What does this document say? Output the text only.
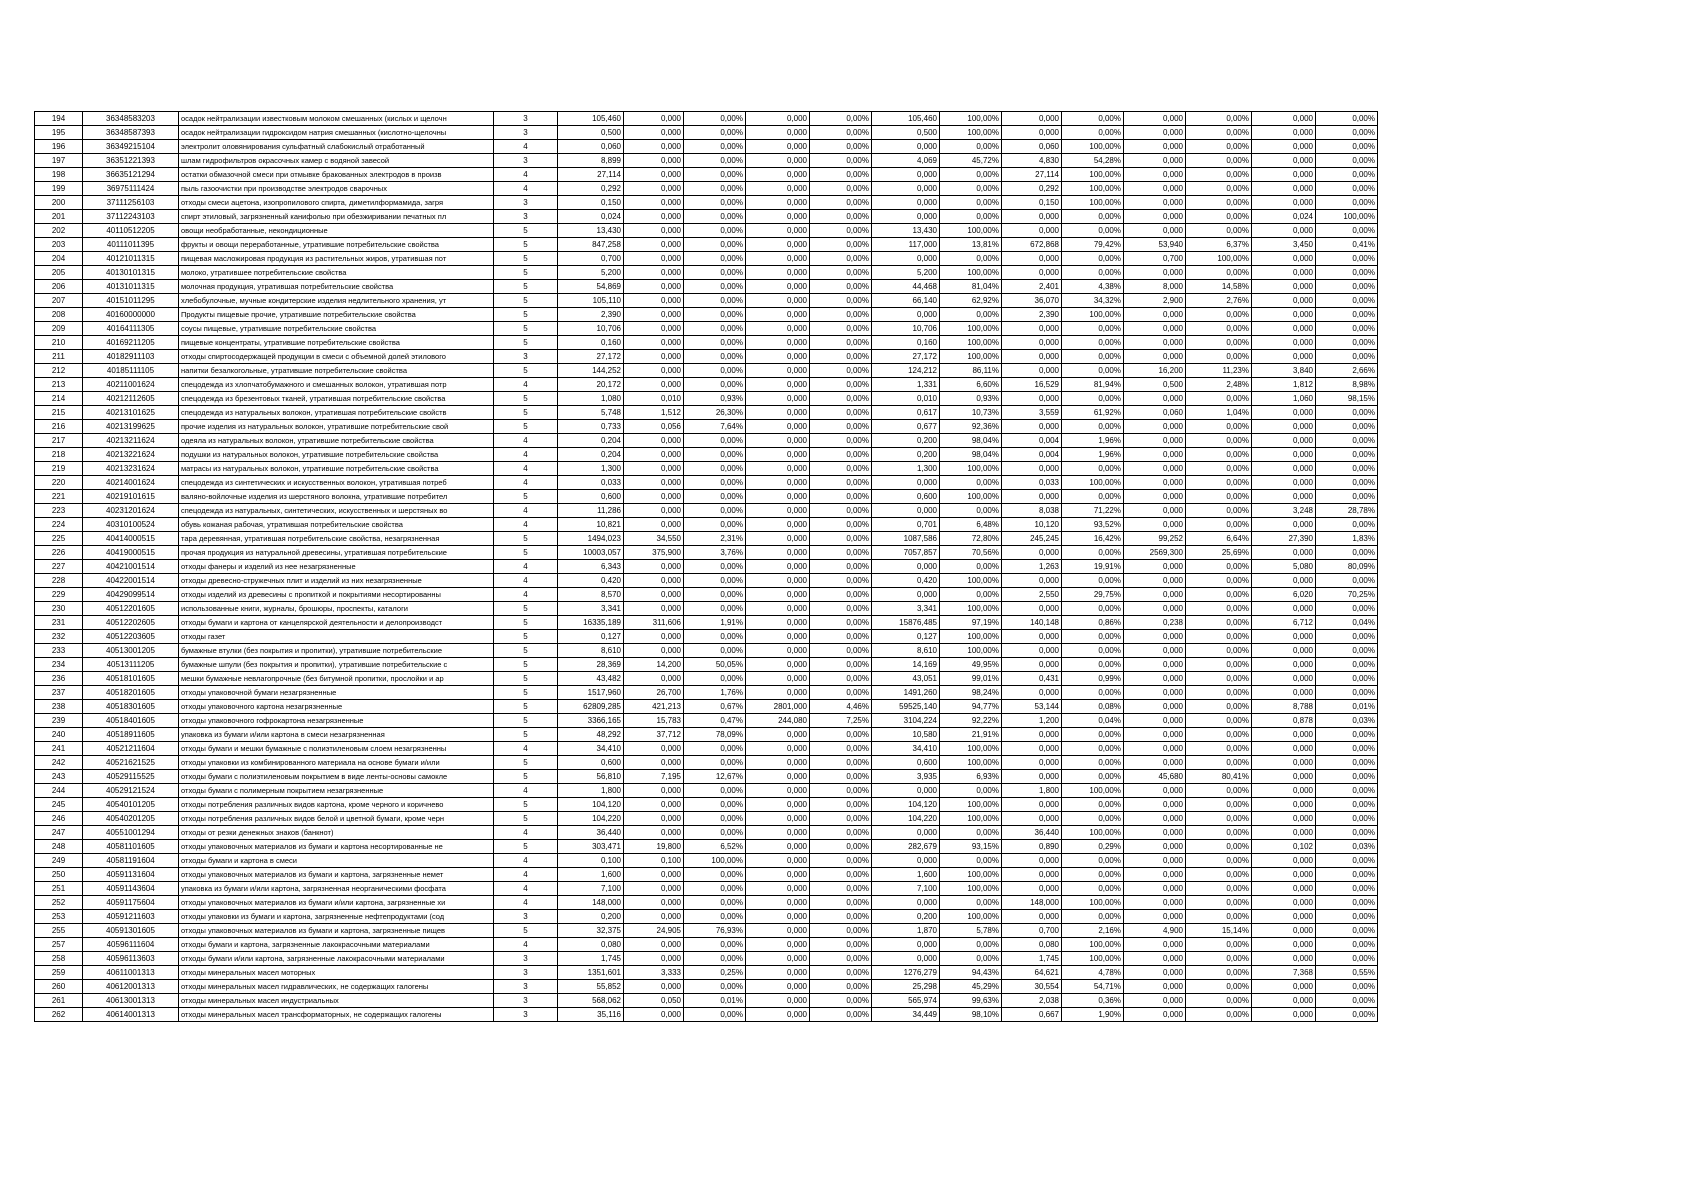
194	36348583203	осадок нейтрализации известковым молоком смешанных (кислых и щелочн	3	105,460	0,000	0,00%	0,000	0,00%	105,460	100,00%	0,000	0,00%	0,000	0,00%	0,000	0,00%
195	36348587393	осадок нейтрализации гидроксидом натрия смешанных (кислотно-щелочны	3	0,500	0,000	0,00%	0,000	0,00%	0,500	100,00%	0,000	0,00%	0,000	0,00%	0,000	0,00%
196	36349215104	электролит оловянирования сульфатный слабокислый отработанный	4	0,060	0,000	0,00%	0,000	0,00%	0,000	0,00%	0,060	100,00%	0,000	0,00%	0,000	0,00%
197	36351221393	шлам гидрофильтров окрасочных камер с водяной завесой	3	8,899	0,000	0,00%	0,000	0,00%	4,069	45,72%	4,830	54,28%	0,000	0,00%	0,000	0,00%
198	36635121294	остатки обмазочной смеси при отмывке бракованных электродов в произв	4	27,114	0,000	0,00%	0,000	0,00%	0,000	0,00%	27,114	100,00%	0,000	0,00%	0,000	0,00%
199	36975111424	пыль газоочистки при производстве электродов сварочных	4	0,292	0,000	0,00%	0,000	0,00%	0,000	0,00%	0,292	100,00%	0,000	0,00%	0,000	0,00%
200	37111256103	отходы смеси ацетона, изопропилового спирта, диметилформамида, загря	3	0,150	0,000	0,00%	0,000	0,00%	0,000	0,00%	0,150	100,00%	0,000	0,00%	0,000	0,00%
201	37112243103	спирт этиловый, загрязненный канифолью при обезжиривании печатных пл	3	0,024	0,000	0,00%	0,000	0,00%	0,000	0,00%	0,000	0,00%	0,000	0,00%	0,024	100,00%
202	40110512205	овощи необработанные, некондиционные	5	13,430	0,000	0,00%	0,000	0,00%	13,430	100,00%	0,000	0,00%	0,000	0,00%	0,000	0,00%
203	40111011395	фрукты и овощи переработанные, утратившие потребительские свойства	5	847,258	0,000	0,00%	0,000	0,00%	117,000	13,81%	672,868	79,42%	53,940	6,37%	3,450	0,41%
204	40121011315	пищевая масложировая продукция из растительных жиров, утратившая пот	5	0,700	0,000	0,00%	0,000	0,00%	0,000	0,00%	0,000	0,00%	0,700	100,00%	0,000	0,00%
205	40130101315	молоко, утратившее потребительские свойства	5	5,200	0,000	0,00%	0,000	0,00%	5,200	100,00%	0,000	0,00%	0,000	0,00%	0,000	0,00%
206	40131011315	молочная продукция, утратившая потребительские свойства	5	54,869	0,000	0,00%	0,000	0,00%	44,468	81,04%	2,401	4,38%	8,000	14,58%	0,000	0,00%
207	40151011295	хлебобулочные, мучные кондитерские изделия недлительного хранения, ут	5	105,110	0,000	0,00%	0,000	0,00%	66,140	62,92%	36,070	34,32%	2,900	2,76%	0,000	0,00%
208	40160000000	Продукты пищевые прочие, утратившие потребительские свойства	5	2,390	0,000	0,00%	0,000	0,00%	0,000	0,00%	2,390	100,00%	0,000	0,00%	0,000	0,00%
209	40164111305	соусы пищевые, утратившие потребительские свойства	5	10,706	0,000	0,00%	0,000	0,00%	10,706	100,00%	0,000	0,00%	0,000	0,00%	0,000	0,00%
210	40169211205	пищевые концентраты, утратившие потребительские свойства	5	0,160	0,000	0,00%	0,000	0,00%	0,160	100,00%	0,000	0,00%	0,000	0,00%	0,000	0,00%
211	40182911103	отходы спиртосодержащей продукции в смеси с объемной долей этилового	3	27,172	0,000	0,00%	0,000	0,00%	27,172	100,00%	0,000	0,00%	0,000	0,00%	0,000	0,00%
212	40185111105	напитки безалкогольные, утратившие потребительские свойства	5	144,252	0,000	0,00%	0,000	0,00%	124,212	86,11%	0,000	0,00%	16,200	11,23%	3,840	2,66%
213	40211001624	спецодежда из хлопчатобумажного и смешанных волокон, утратившая потр	4	20,172	0,000	0,00%	0,000	0,00%	1,331	6,60%	16,529	81,94%	0,500	2,48%	1,812	8,98%
214	40212112605	спецодежда из брезентовых тканей, утратившая потребительские свойства	5	1,080	0,010	0,93%	0,000	0,00%	0,010	0,93%	0,000	0,00%	0,000	0,00%	1,060	98,15%
215	40213101625	спецодежда из натуральных волокон, утратившая потребительские свойств	5	5,748	1,512	26,30%	0,000	0,00%	0,617	10,73%	3,559	61,92%	0,060	1,04%	0,000	0,00%
216	40213199625	прочие изделия из натуральных волокон, утратившие потребительские свой	5	0,733	0,056	7,64%	0,000	0,00%	0,677	92,36%	0,000	0,00%	0,000	0,00%	0,000	0,00%
217	40213211624	одеяла из натуральных волокон, утратившие потребительские свойства	4	0,204	0,000	0,00%	0,000	0,00%	0,200	98,04%	0,004	1,96%	0,000	0,00%	0,000	0,00%
218	40213221624	подушки из натуральных волокон, утратившие потребительские свойства	4	0,204	0,000	0,00%	0,000	0,00%	0,200	98,04%	0,004	1,96%	0,000	0,00%	0,000	0,00%
219	40213231624	матрасы из натуральных волокон, утратившие потребительские свойства	4	1,300	0,000	0,00%	0,000	0,00%	1,300	100,00%	0,000	0,00%	0,000	0,00%	0,000	0,00%
220	40214001624	спецодежда из синтетических и искусственных волокон, утратившая потреб	4	0,033	0,000	0,00%	0,000	0,00%	0,000	0,00%	0,033	100,00%	0,000	0,00%	0,000	0,00%
221	40219101615	валяно-войлочные изделия из шерстяного волокна, утратившие потребител	5	0,600	0,000	0,00%	0,000	0,00%	0,600	100,00%	0,000	0,00%	0,000	0,00%	0,000	0,00%
223	40231201624	спецодежда из натуральных, синтетических, искусственных и шерстяных во	4	11,286	0,000	0,00%	0,000	0,00%	0,000	0,00%	8,038	71,22%	0,000	0,00%	3,248	28,78%
224	40310100524	обувь кожаная рабочая, утратившая потребительские свойства	4	10,821	0,000	0,00%	0,000	0,00%	0,701	6,48%	10,120	93,52%	0,000	0,00%	0,000	0,00%
225	40414000515	тара деревянная, утратившая потребительские свойства, незагрязненная	5	1494,023	34,550	2,31%	0,000	0,00%	1087,586	72,80%	245,245	16,42%	99,252	6,64%	27,390	1,83%
226	40419000515	прочая продукция из натуральной древесины, утратившая потребительские	5	10003,057	375,900	3,76%	0,000	0,00%	7057,857	70,56%	0,000	0,00%	2569,300	25,69%	0,000	0,00%
227	40421001514	отходы фанеры и изделий из нее незагрязненные	4	6,343	0,000	0,00%	0,000	0,00%	0,000	0,00%	1,263	19,91%	0,000	0,00%	5,080	80,09%
228	40422001514	отходы древесно-стружечных плит и изделий из них незагрязненные	4	0,420	0,000	0,00%	0,000	0,00%	0,420	100,00%	0,000	0,00%	0,000	0,00%	0,000	0,00%
229	40429099514	отходы изделий из древесины с пропиткой и покрытиями несортированны	4	8,570	0,000	0,00%	0,000	0,00%	0,000	0,00%	2,550	29,75%	0,000	0,00%	6,020	70,25%
230	40512201605	использованные книги, журналы, брошюры, проспекты, каталоги	5	3,341	0,000	0,00%	0,000	0,00%	3,341	100,00%	0,000	0,00%	0,000	0,00%	0,000	0,00%
231	40512202605	отходы бумаги и картона от канцелярской деятельности и делопроизводст	5	16335,189	311,606	1,91%	0,000	0,00%	15876,485	97,19%	140,148	0,86%	0,238	0,00%	6,712	0,04%
232	40512203605	отходы газет	5	0,127	0,000	0,00%	0,000	0,00%	0,127	100,00%	0,000	0,00%	0,000	0,00%	0,000	0,00%
233	40513001205	бумажные втулки (без покрытия и пропитки), утратившие потребительские	5	8,610	0,000	0,00%	0,000	0,00%	8,610	100,00%	0,000	0,00%	0,000	0,00%	0,000	0,00%
234	40513111205	бумажные шпули (без покрытия и пропитки), утратившие потребительские с	5	28,369	14,200	50,05%	0,000	0,00%	14,169	49,95%	0,000	0,00%	0,000	0,00%	0,000	0,00%
236	40518101605	мешки бумажные невлагопрочные (без битумной пропитки, прослойки и ар	5	43,482	0,000	0,00%	0,000	0,00%	43,051	99,01%	0,431	0,99%	0,000	0,00%	0,000	0,00%
237	40518201605	отходы упаковочной бумаги незагрязненные	5	1517,960	26,700	1,76%	0,000	0,00%	1491,260	98,24%	0,000	0,00%	0,000	0,00%	0,000	0,00%
238	40518301605	отходы упаковочного картона незагрязненные	5	62809,285	421,213	0,67%	2801,000	4,46%	59525,140	94,77%	53,144	0,08%	0,000	0,00%	8,788	0,01%
239	40518401605	отходы упаковочного гофрокартона незагрязненные	5	3366,165	15,783	0,47%	244,080	7,25%	3104,224	92,22%	1,200	0,04%	0,000	0,00%	0,878	0,03%
240	40518911605	упаковка из бумаги и/или картона в смеси незагрязненная	5	48,292	37,712	78,09%	0,000	0,00%	10,580	21,91%	0,000	0,00%	0,000	0,00%	0,000	0,00%
241	40521211604	отходы бумаги и мешки бумажные с полиэтиленовым слоем незагрязненны	4	34,410	0,000	0,00%	0,000	0,00%	34,410	100,00%	0,000	0,00%	0,000	0,00%	0,000	0,00%
242	40521621525	отходы упаковки из комбинированного материала на основе бумаги и/или	5	0,600	0,000	0,00%	0,000	0,00%	0,600	100,00%	0,000	0,00%	0,000	0,00%	0,000	0,00%
243	40529115525	отходы бумаги с полиэтиленовым покрытием в виде ленты-основы самокле	5	56,810	7,195	12,67%	0,000	0,00%	3,935	6,93%	0,000	0,00%	45,680	80,41%	0,000	0,00%
244	40529121524	отходы бумаги с полимерным покрытием незагрязненные	4	1,800	0,000	0,00%	0,000	0,00%	0,000	0,00%	1,800	100,00%	0,000	0,00%	0,000	0,00%
245	40540101205	отходы потребления различных видов картона, кроме черного и коричнево	5	104,120	0,000	0,00%	0,000	0,00%	104,120	100,00%	0,000	0,00%	0,000	0,00%	0,000	0,00%
246	40540201205	отходы потребления различных видов белой и цветной бумаги, кроме черн	5	104,220	0,000	0,00%	0,000	0,00%	104,220	100,00%	0,000	0,00%	0,000	0,00%	0,000	0,00%
247	40551001294	отходы от резки денежных знаков (банкнот)	4	36,440	0,000	0,00%	0,000	0,00%	0,000	0,00%	36,440	100,00%	0,000	0,00%	0,000	0,00%
248	40581101605	отходы упаковочных материалов из бумаги и картона несортированные не	5	303,471	19,800	6,52%	0,000	0,00%	282,679	93,15%	0,890	0,29%	0,000	0,00%	0,102	0,03%
249	40581191604	отходы бумаги и картона в смеси	4	0,100	0,100	100,00%	0,000	0,00%	0,000	0,00%	0,000	0,00%	0,000	0,00%	0,000	0,00%
250	40591131604	отходы упаковочных материалов из бумаги и картона, загрязненные немет	4	1,600	0,000	0,00%	0,000	0,00%	1,600	100,00%	0,000	0,00%	0,000	0,00%	0,000	0,00%
251	40591143604	упаковка из бумаги и/или картона, загрязненная неорганическими фосфата	4	7,100	0,000	0,00%	0,000	0,00%	7,100	100,00%	0,000	0,00%	0,000	0,00%	0,000	0,00%
252	40591175604	отходы упаковочных материалов из бумаги и/или картона, загрязненные хи	4	148,000	0,000	0,00%	0,000	0,00%	0,000	0,00%	148,000	100,00%	0,000	0,00%	0,000	0,00%
253	40591211603	отходы упаковки из бумаги и картона, загрязненные нефтепродуктами (сод	3	0,200	0,000	0,00%	0,000	0,00%	0,200	100,00%	0,000	0,00%	0,000	0,00%	0,000	0,00%
255	40591301605	отходы упаковочных материалов из бумаги и картона, загрязненные пищев	5	32,375	24,905	76,93%	0,000	0,00%	1,870	5,78%	0,700	2,16%	4,900	15,14%	0,000	0,00%
257	40596111604	отходы бумаги и картона, загрязненные лакокрасочными материалами	4	0,080	0,000	0,00%	0,000	0,00%	0,000	0,00%	0,080	100,00%	0,000	0,00%	0,000	0,00%
258	40596113603	отходы бумаги и/или картона, загрязненные лакокрасочными материалами	3	1,745	0,000	0,00%	0,000	0,00%	0,000	0,00%	1,745	100,00%	0,000	0,00%	0,000	0,00%
259	40611001313	отходы минеральных масел моторных	3	1351,601	3,333	0,25%	0,000	0,00%	1276,279	94,43%	64,621	4,78%	0,000	0,00%	7,368	0,55%
260	40612001313	отходы минеральных масел гидравлических, не содержащих галогены	3	55,852	0,000	0,00%	0,000	0,00%	25,298	45,29%	30,554	54,71%	0,000	0,00%	0,000	0,00%
261	40613001313	отходы минеральных масел индустриальных	3	568,062	0,050	0,01%	0,000	0,00%	565,974	99,63%	2,038	0,36%	0,000	0,00%	0,000	0,00%
262	40614001313	отходы минеральных масел трансформаторных, не содержащих галогены	3	35,116	0,000	0,00%	0,000	0,00%	34,449	98,10%	0,667	1,90%	0,000	0,00%	0,000	0,00%
